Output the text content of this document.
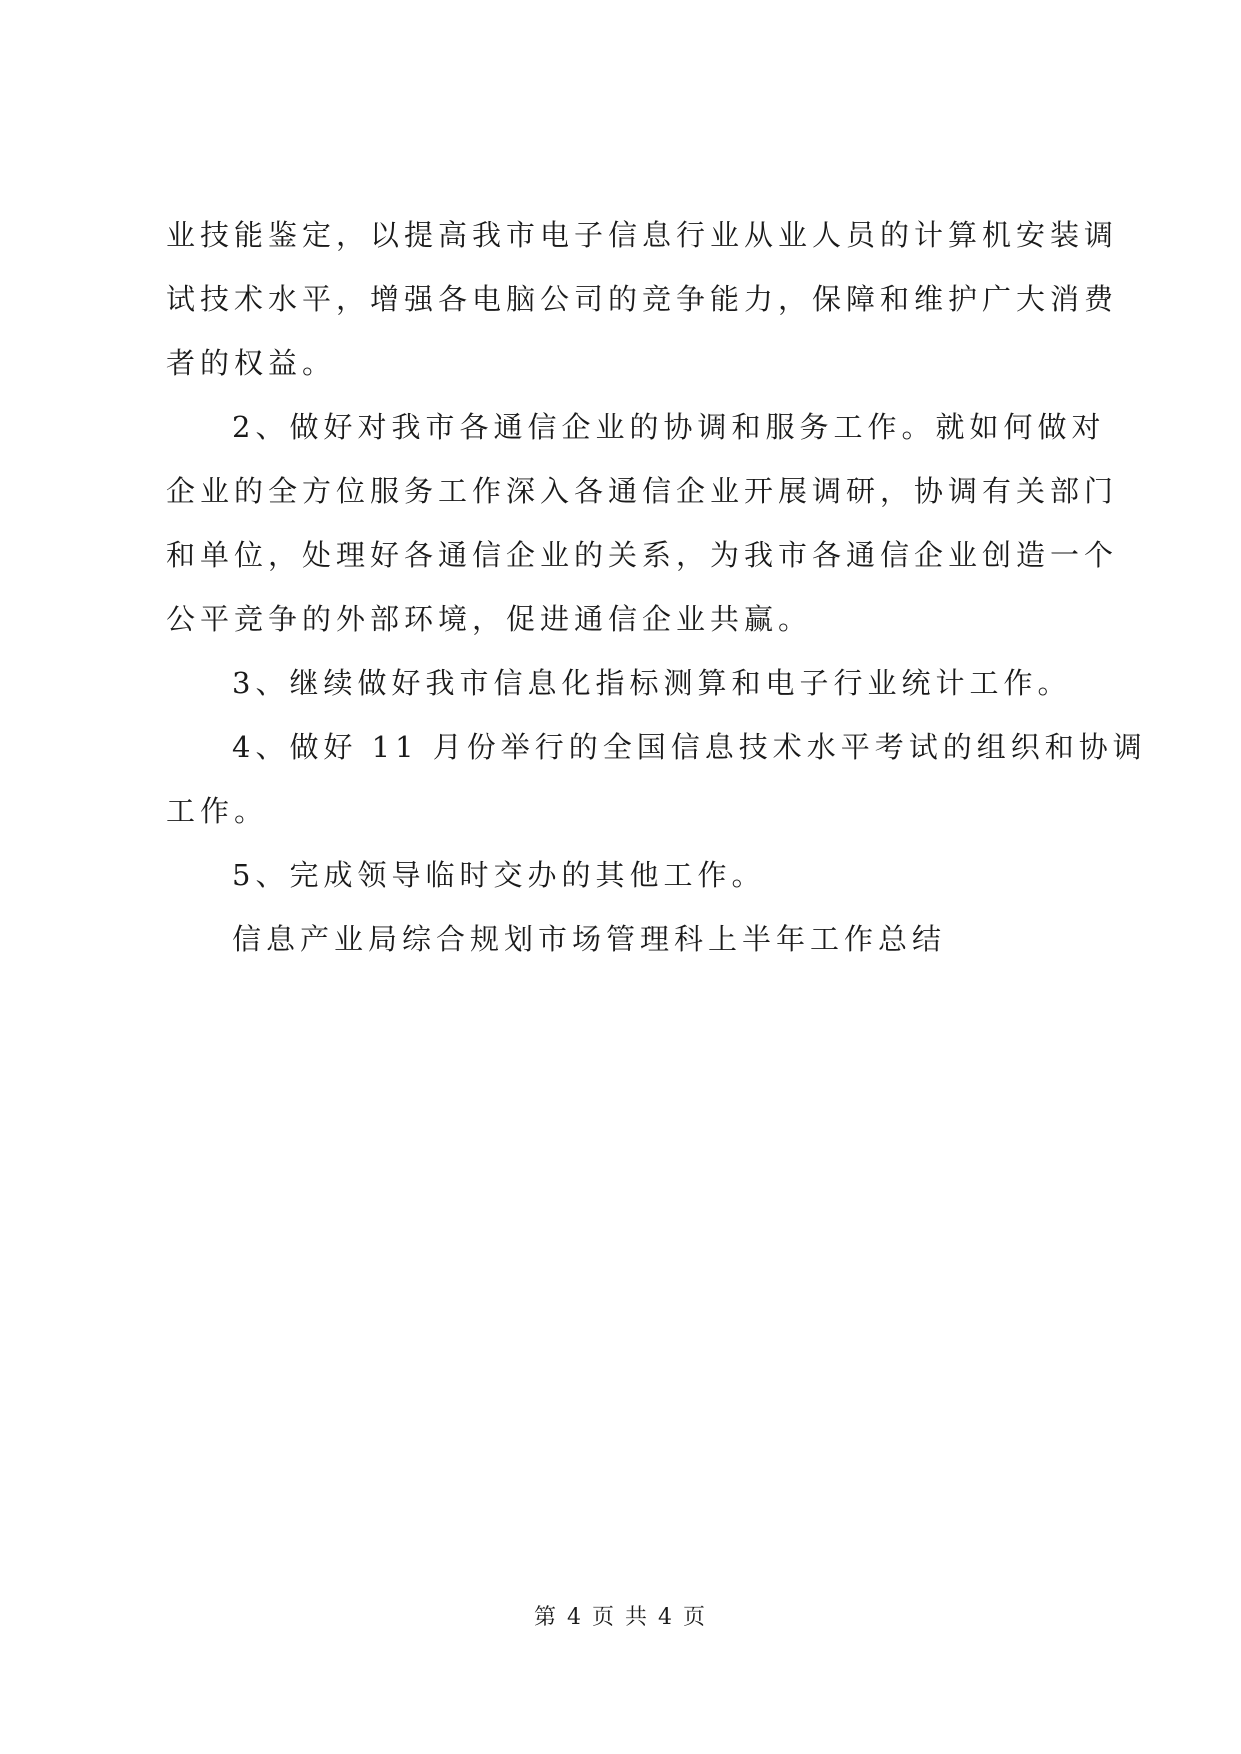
业技能鉴定，以提高我市电子信息行业从业人员的计算机安装调
试技术水平，增强各电脑公司的竞争能力，保障和维护广大消费
者的权益。
2、做好对我市各通信企业的协调和服务工作。就如何做对
企业的全方位服务工作深入各通信企业开展调研，协调有关部门
和单位，处理好各通信企业的关系，为我市各通信企业创造一个
公平竞争的外部环境，促进通信企业共赢。
3、继续做好我市信息化指标测算和电子行业统计工作。
4、做好 11 月份举行的全国信息技术水平考试的组织和协调
工作。
5、完成领导临时交办的其他工作。
信息产业局综合规划市场管理科上半年工作总结
第 4 页 共 4 页
